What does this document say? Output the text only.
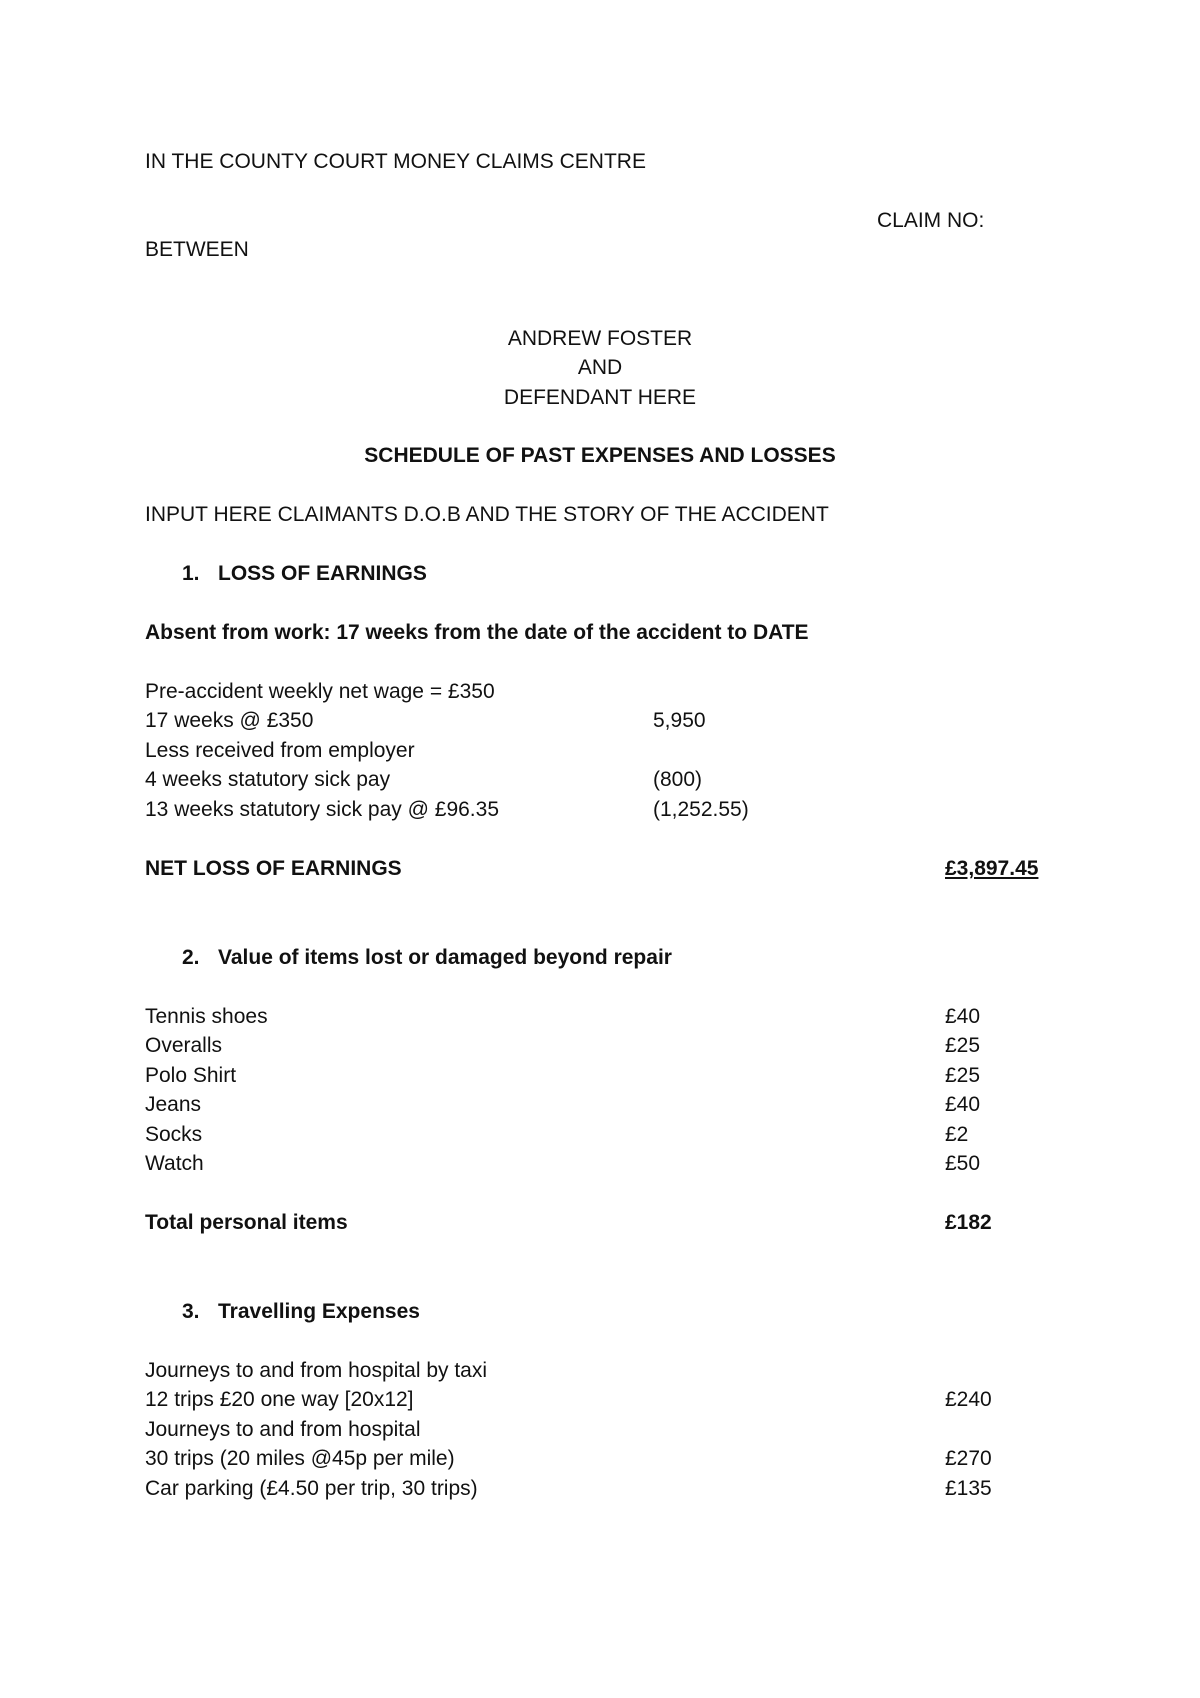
IN THE COUNTY COURT MONEY CLAIMS CENTRE
CLAIM NO:
BETWEEN
ANDREW FOSTER
AND
DEFENDANT HERE
SCHEDULE OF PAST EXPENSES AND LOSSES
INPUT HERE CLAIMANTS D.O.B AND THE STORY OF THE ACCIDENT
1. LOSS OF EARNINGS
Absent from work: 17 weeks from the date of the accident to DATE
Pre-accident weekly net wage = £350
17 weeks @ £350	5,950
Less received from employer
4 weeks statutory sick pay	(800)
13 weeks statutory sick pay @ £96.35	(1,252.55)
NET LOSS OF EARNINGS	£3,897.45
2. Value of items lost or damaged beyond repair
Tennis shoes	£40
Overalls	£25
Polo Shirt	£25
Jeans	£40
Socks	£2
Watch	£50
Total personal items	£182
3. Travelling Expenses
Journeys to and from hospital by taxi
12 trips £20 one way [20x12]	£240
Journeys to and from hospital
30 trips (20 miles @45p per mile)	£270
Car parking (£4.50 per trip, 30 trips)	£135
